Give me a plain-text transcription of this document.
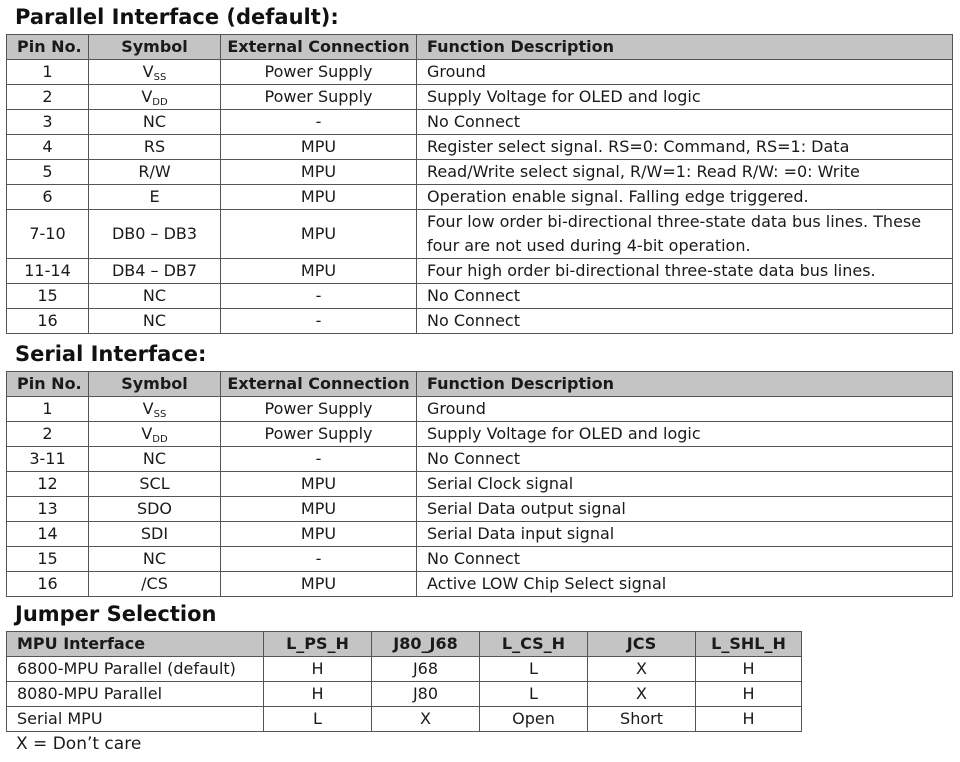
Parallel Interface (default):
Pin No.	Symbol	External Connection	Function Description
1	$V_{SS}$	Power Supply	Ground
2	$V_{DD}$	Power Supply	Supply Voltage for OLED and logic
3	NC	-	No Connect
4	RS	MPU	Register select signal. RS=0: Command, RS=1: Data
5	R/W	MPU	Read/Write select signal, R/W=1: Read R/W: =0: Write
6	E	MPU	Operation enable signal. Falling edge triggered.
7-10	DB0 – DB3	MPU	Four low order bi-directional three-state data bus lines. These four are not used during 4-bit operation.
11-14	DB4 – DB7	MPU	Four high order bi-directional three-state data bus lines.
15	NC	-	No Connect
16	NC	-	No Connect
Serial Interface:
Pin No.	Symbol	External Connection	Function Description
1	$V_{SS}$	Power Supply	Ground
2	$V_{DD}$	Power Supply	Supply Voltage for OLED and logic
3-11	NC	-	No Connect
12	SCL	MPU	Serial Clock signal
13	SDO	MPU	Serial Data output signal
14	SDI	MPU	Serial Data input signal
15	NC	-	No Connect
16	/CS	MPU	Active LOW Chip Select signal
Jumper Selection
MPU Interface	L_PS_H	J80_J68	L_CS_H	JCS	L_SHL_H
6800-MPU Parallel (default)	H	J68	L	X	H
8080-MPU Parallel	H	J80	L	X	H
Serial MPU	L	X	Open	Short	H
X = Don’t care
